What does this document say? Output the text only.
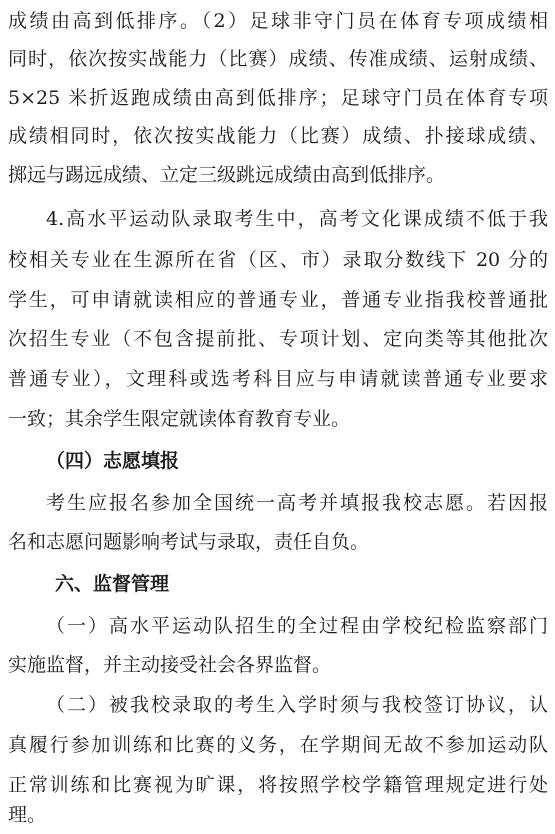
成绩由高到低排序。（2）足球非守门员在体育专项成绩相
同时，依次按实战能力（比赛）成绩、传准成绩、运射成绩、
5×25 米折返跑成绩由高到低排序；足球守门员在体育专项
成绩相同时，依次按实战能力（比赛）成绩、扑接球成绩、
掷远与踢远成绩、立定三级跳远成绩由高到低排序。
4.高水平运动队录取考生中，高考文化课成绩不低于我
校相关专业在生源所在省（区、市）录取分数线下 20 分的
学生，可申请就读相应的普通专业，普通专业指我校普通批
次招生专业（不包含提前批、专项计划、定向类等其他批次
普通专业），文理科或选考科目应与申请就读普通专业要求
一致；其余学生限定就读体育教育专业。
（四）志愿填报
考生应报名参加全国统一高考并填报我校志愿。若因报
名和志愿问题影响考试与录取，责任自负。
六、监督管理
（一）高水平运动队招生的全过程由学校纪检监察部门
实施监督，并主动接受社会各界监督。
（二）被我校录取的考生入学时须与我校签订协议，认
真履行参加训练和比赛的义务，在学期间无故不参加运动队
正常训练和比赛视为旷课，将按照学校学籍管理规定进行处
理。
